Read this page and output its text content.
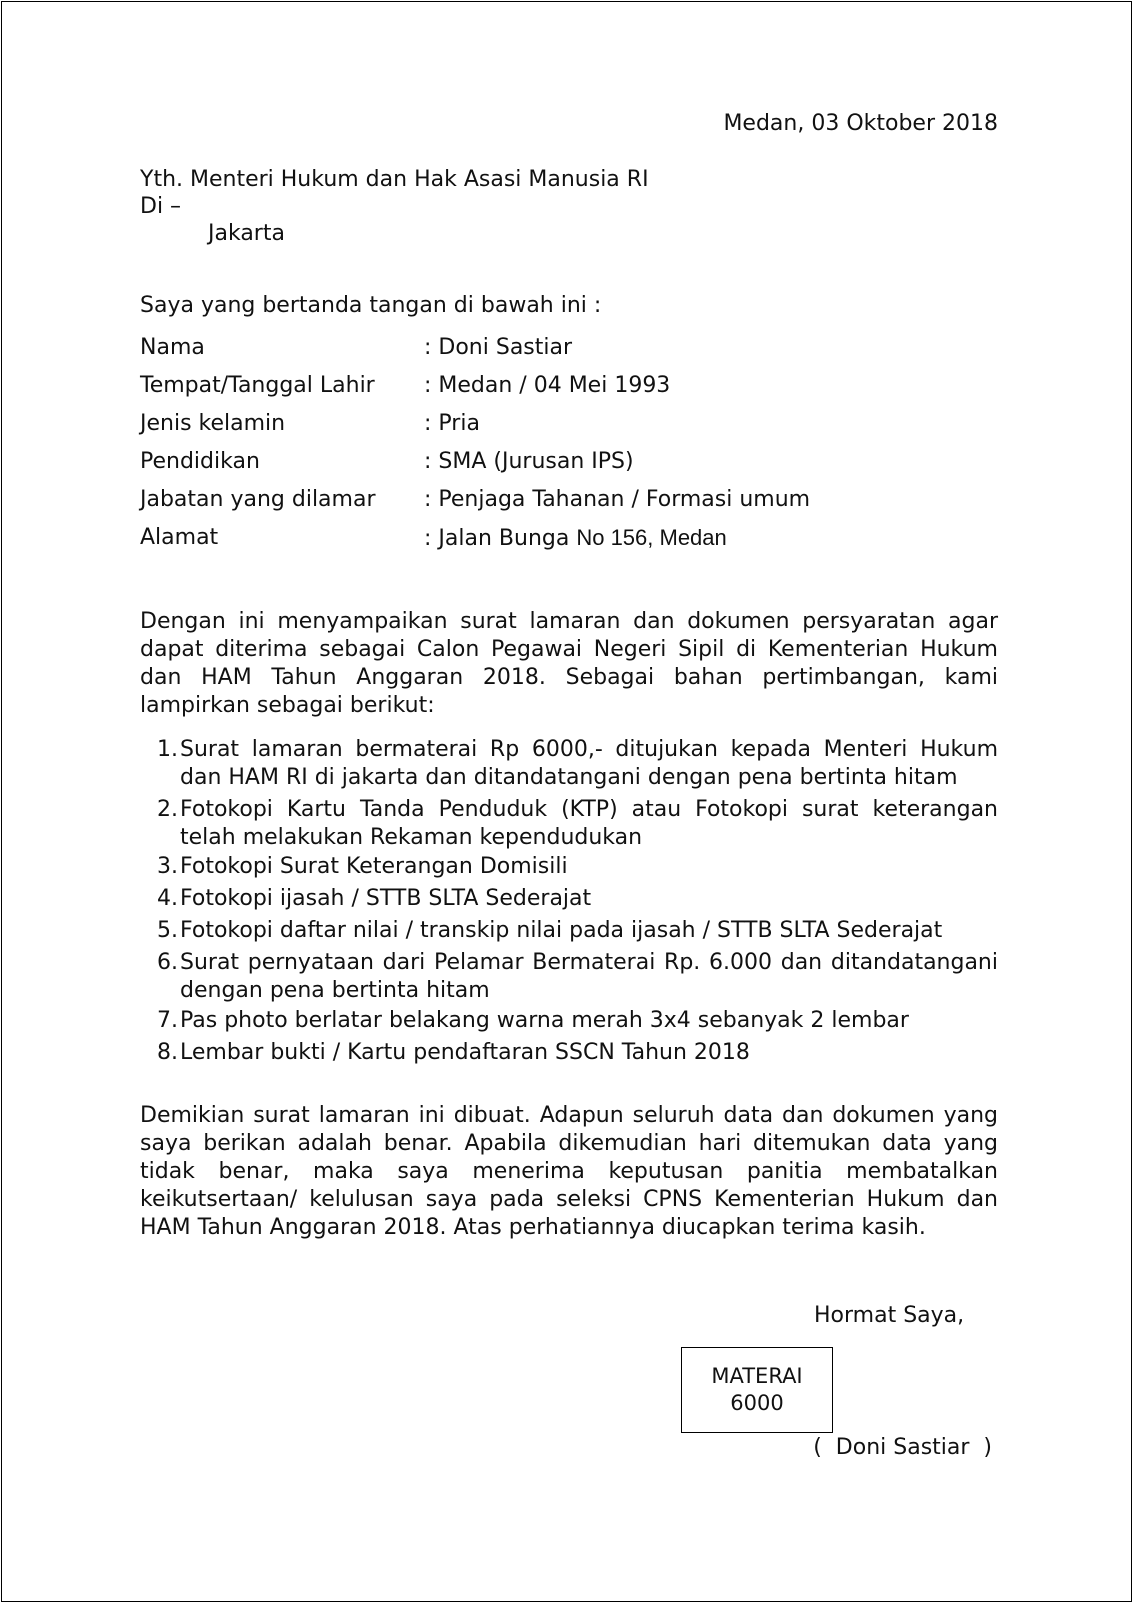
Medan, 03 Oktober 2018
Yth. Menteri Hukum dan Hak Asasi Manusia RI
Di –
Jakarta
Saya yang bertanda tangan di bawah ini :
Nama	: Doni Sastiar
Tempat/Tanggal Lahir	: Medan / 04 Mei 1993
Jenis kelamin	: Pria
Pendidikan	: SMA (Jurusan IPS)
Jabatan yang dilamar	: Penjaga Tahanan / Formasi umum
Alamat	: Jalan Bunga No 156, Medan
Dengan ini menyampaikan surat lamaran dan dokumen persyaratan agar dapat diterima sebagai Calon Pegawai Negeri Sipil di Kementerian Hukum dan HAM Tahun Anggaran 2018. Sebagai bahan pertimbangan, kami lampirkan sebagai berikut:
1. Surat lamaran bermaterai Rp 6000,- ditujukan kepada Menteri Hukum dan HAM RI di jakarta dan ditandatangani dengan pena bertinta hitam
2. Fotokopi Kartu Tanda Penduduk (KTP) atau Fotokopi surat keterangan telah melakukan Rekaman kependudukan
3. Fotokopi Surat Keterangan Domisili
4. Fotokopi ijasah / STTB SLTA Sederajat
5. Fotokopi daftar nilai / transkip nilai pada ijasah / STTB SLTA Sederajat
6. Surat pernyataan dari Pelamar Bermaterai Rp. 6.000 dan ditandatangani dengan pena bertinta hitam
7. Pas photo berlatar belakang warna merah 3x4 sebanyak 2 lembar
8. Lembar bukti / Kartu pendaftaran SSCN Tahun 2018
Demikian surat lamaran ini dibuat. Adapun seluruh data dan dokumen yang saya berikan adalah benar. Apabila dikemudian hari ditemukan data yang tidak benar, maka saya menerima keputusan panitia membatalkan keikutsertaan/ kelulusan saya pada seleksi CPNS Kementerian Hukum dan HAM Tahun Anggaran 2018. Atas perhatiannya diucapkan terima kasih.
Hormat Saya,
MATERAI
6000
(  Doni Sastiar  )
